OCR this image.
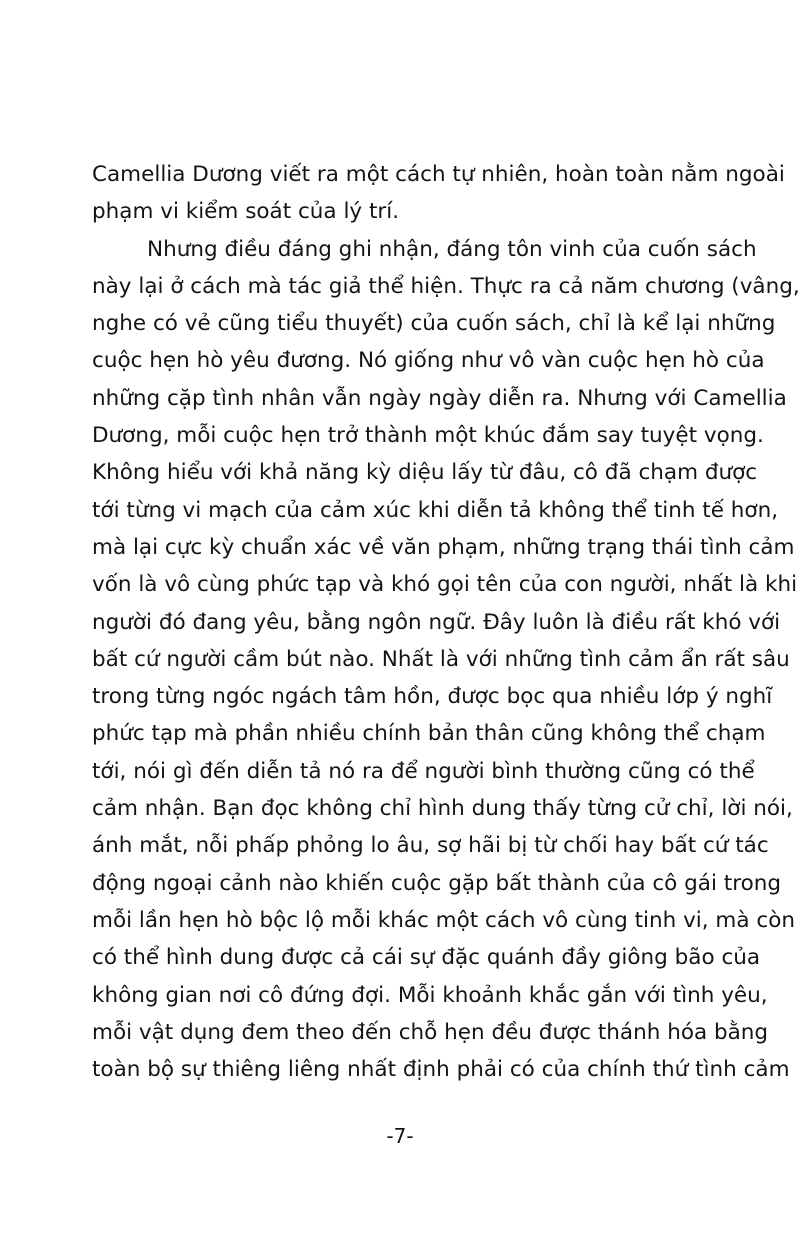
Camellia Dương viết ra một cách tự nhiên, hoàn toàn nằm ngoài
phạm vi kiểm soát của lý trí.
Nhưng điều đáng ghi nhận, đáng tôn vinh của cuốn sách
này lại ở cách mà tác giả thể hiện. Thực ra cả năm chương (vâng,
nghe có vẻ cũng tiểu thuyết) của cuốn sách, chỉ là kể lại những
cuộc hẹn hò yêu đương. Nó giống như vô vàn cuộc hẹn hò của
những cặp tình nhân vẫn ngày ngày diễn ra. Nhưng với Camellia
Dương, mỗi cuộc hẹn trở thành một khúc đắm say tuyệt vọng.
Không hiểu với khả năng kỳ diệu lấy từ đâu, cô đã chạm được
tới từng vi mạch của cảm xúc khi diễn tả không thể tinh tế hơn,
mà lại cực kỳ chuẩn xác về văn phạm, những trạng thái tình cảm
vốn là vô cùng phức tạp và khó gọi tên của con người, nhất là khi
người đó đang yêu, bằng ngôn ngữ. Đây luôn là điều rất khó với
bất cứ người cầm bút nào. Nhất là với những tình cảm ẩn rất sâu
trong từng ngóc ngách tâm hồn, được bọc qua nhiều lớp ý nghĩ
phức tạp mà phần nhiều chính bản thân cũng không thể chạm
tới, nói gì đến diễn tả nó ra để người bình thường cũng có thể
cảm nhận. Bạn đọc không chỉ hình dung thấy từng cử chỉ, lời nói,
ánh mắt, nỗi phấp phỏng lo âu, sợ hãi bị từ chối hay bất cứ tác
động ngoại cảnh nào khiến cuộc gặp bất thành của cô gái trong
mỗi lần hẹn hò bộc lộ mỗi khác một cách vô cùng tinh vi, mà còn
có thể hình dung được cả cái sự đặc quánh đầy giông bão của
không gian nơi cô đứng đợi. Mỗi khoảnh khắc gắn với tình yêu,
mỗi vật dụng đem theo đến chỗ hẹn đều được thánh hóa bằng
toàn bộ sự thiêng liêng nhất định phải có của chính thứ tình cảm
-7-
